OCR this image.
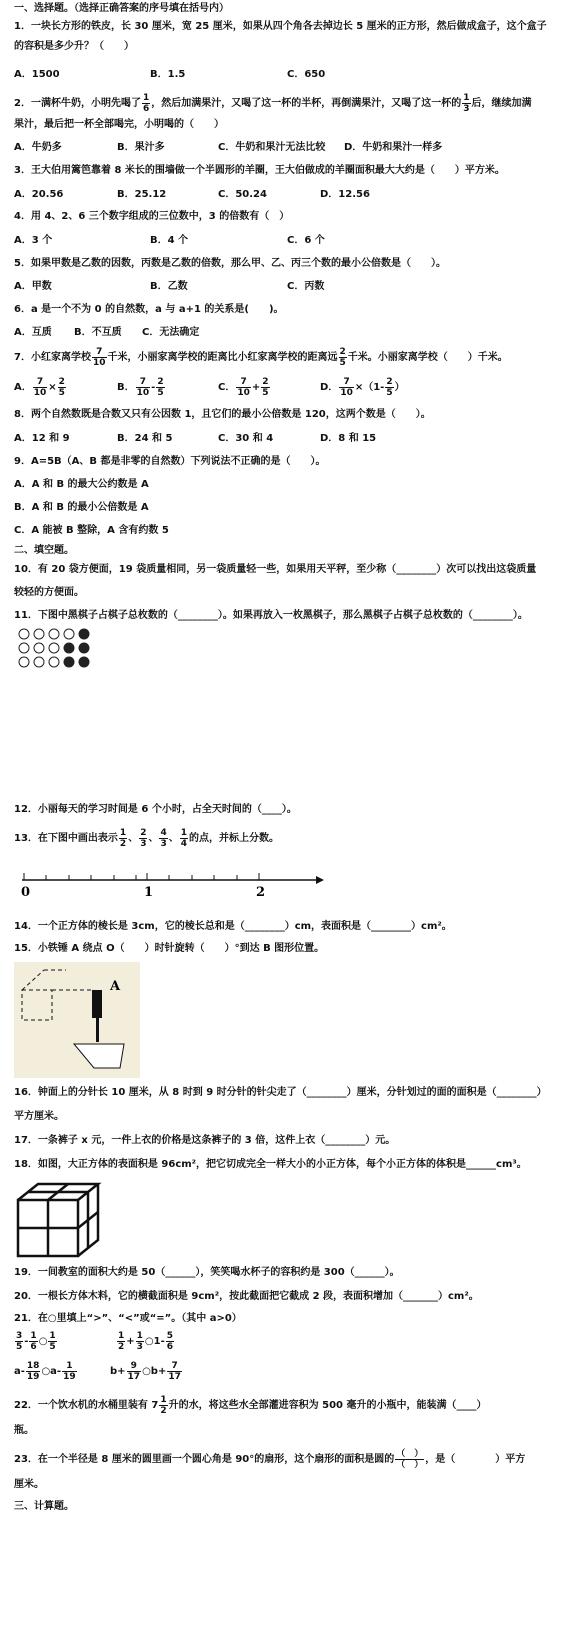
一、选择题。（选择正确答案的序号填在括号内）
1．一块长方形的铁皮，长 30 厘米，宽 25 厘米，如果从四个角各去掉边长 5 厘米的正方形，然后做成盒子，这个盒子
的容积是多少升？（　　）
A．1500	B．1.5	C．650
2．一满杯牛奶，小明先喝了 $\frac{1}{6}$ ，然后加满果汁，又喝了这一杯的半杯，再倒满果汁，又喝了这一杯的 $\frac{1}{3}$ 后，继续加满
果汁，最后把一杯全部喝完，小明喝的（　　）
A．牛奶多	B．果汁多	C．牛奶和果汁无法比较 D．牛奶和果汁一样多
3．王大伯用篱笆靠着 8 米长的围墙做一个半圆形的羊圈，王大伯做成的羊圈面积最大大约是（　　）平方米。
A．20.56	B．25.12	C．50.24	D．12.56
4．用 4、2、6 三个数字组成的三位数中，3 的倍数有（　）
A．3 个	B．4 个	C．6 个
5．如果甲数是乙数的因数，丙数是乙数的倍数，那么甲、乙、丙三个数的最小公倍数是（　　）。
A．甲数	B．乙数	C．丙数
6．a 是一个不为 0 的自然数，a 与 a+1 的关系是(　　)。
A．互质 B．不互质 C．无法确定
7．小红家离学校 $\frac{7}{10}$ 千米，小丽家离学校的距离比小红家离学校的距离远 $\frac{2}{5}$ 千米。小丽家离学校（　　）千米。
A． $\frac{7}{10} \times \frac{2}{5}$	B． $\frac{7}{10} - \frac{2}{5}$	C． $\frac{7}{10} + \frac{2}{5}$	D． $\frac{7}{10} \times(1- \frac{2}{5}$ ）
8．两个自然数既是合数又只有公因数 1，且它们的最小公倍数是 120，这两个数是（　　）。
A．12 和 9	B．24 和 5	C．30 和 4	D．8 和 15
9．A=5B（A、B 都是非零的自然数）下列说法不正确的是（　　）。
A．A 和 B 的最大公约数是 A
B．A 和 B 的最小公倍数是 A
C．A 能被 B 整除，A 含有约数 5
二、填空题。
10．有 20 袋方便面，19 袋质量相同，另一袋质量轻一些，如果用天平秤，至少称（________）次可以找出这袋质量
较轻的方便面。
11．下图中黑棋子占棋子总枚数的（________）。如果再放入一枚黑棋子，那么黑棋子占棋子总枚数的（________）。
12．小丽每天的学习时间是 6 个小时，占全天时间的（____）。
13．在下图中画出表示 $\frac{1}{2}$ 、 $\frac{2}{3}$ 、 $\frac{4}{3}$ 、 $\frac{1}{4}$ 的点，并标上分数。
0	1	2
14．一个正方体的棱长是 3cm，它的棱长总和是（________）cm，表面积是（________）cm²。
15．小铁锤 A 绕点 O（　　）时针旋转（　　）°到达 B 图形位置。
A
16．钟面上的分针长 10 厘米，从 8 时到 9 时分针的针尖走了（________）厘米，分针划过的面的面积是（________）
平方厘米。
17．一条裤子 x 元，一件上衣的价格是这条裤子的 3 倍，这件上衣（________）元。
18．如图，大正方体的表面积是 96cm²，把它切成完全一样大小的小正方体，每个小正方体的体积是______cm³。
19．一间教室的面积大约是 50（______），笑笑喝水杯子的容积约是 300（______）。
20．一根长方体木料，它的横截面积是 9cm²，按此截面把它截成 2 段，表面积增加（_______）cm²。
21．在○里填上“>”、“<”或“=”。（其中 a>0）
$\frac{3}{5} - \frac{1}{6}$ ○ $\frac{1}{5}$	$\frac{1}{2} + \frac{1}{3}$ ○1- $\frac{5}{6}$
$a- \frac{18}{19}$ ○a- $\frac{1}{19}$	$b+ \frac{9}{17}$ ○b+ $\frac{7}{17}$
22．一个饮水机的水桶里装有 $7 \frac{1}{2}$ 升的水，将这些水全部灌进容积为 500 毫升的小瓶中，能装满（____）
瓶。
23．在一个半径是 8 厘米的圆里画一个圆心角是 90°的扇形，这个扇形的面积是圆的 $\frac{( )}{( )}$ ，是（　　　　）平方
厘米。
三、计算题。
